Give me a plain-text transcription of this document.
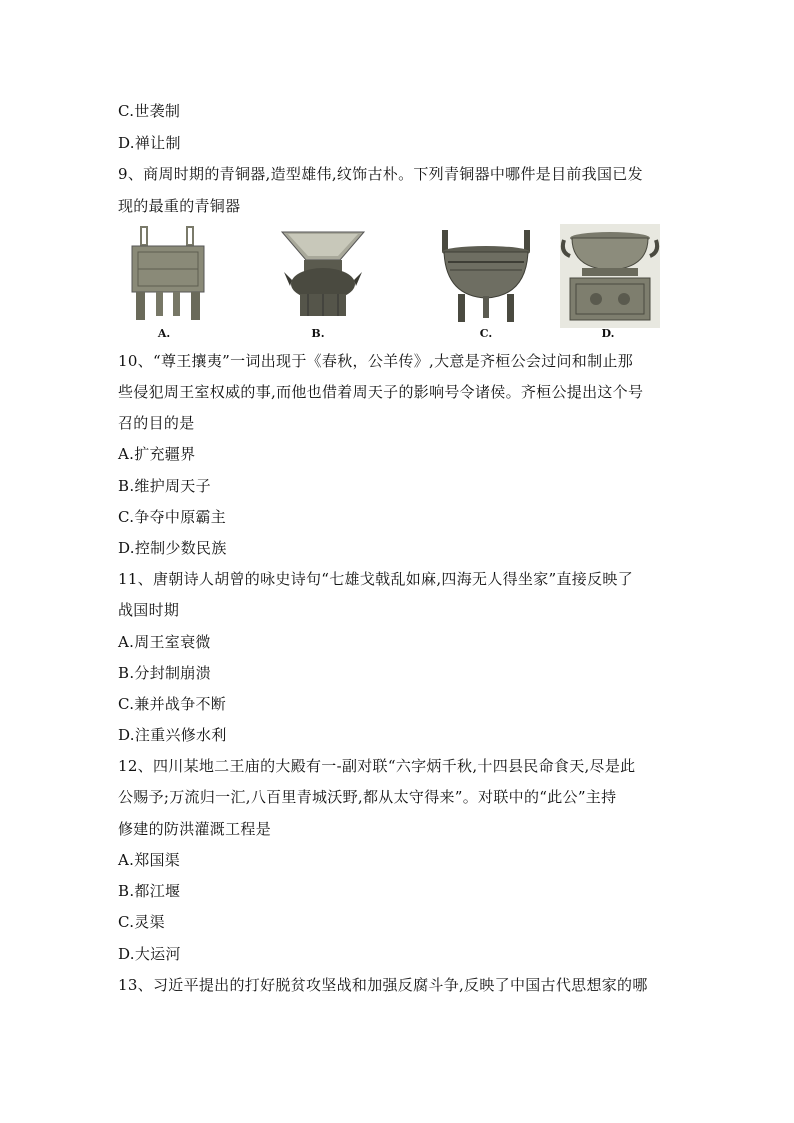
C.世袭制
D.禅让制
9、商周时期的青铜器,造型雄伟,纹饰古朴。下列青铜器中哪件是目前我国已发
现的最重的青铜器
A.	B.	C.	D.
10、“尊王攘夷”一词出现于《春秋，公羊传》,大意是齐桓公会过问和制止那
些侵犯周王室权威的事,而他也借着周天子的影响号令诸侯。齐桓公提出这个号
召的目的是
A.扩充疆界
B.维护周天子
C.争夺中原霸主
D.控制少数民族
11、唐朝诗人胡曾的咏史诗句“七雄戈戟乱如麻,四海无人得坐家”直接反映了
战国时期
A.周王室衰微
B.分封制崩溃
C.兼并战争不断
D.注重兴修水利
12、四川某地二王庙的大殿有一-副对联“六字炳千秋,十四县民命食天,尽是此
公赐予;万流归一汇,八百里青城沃野,都从太守得来”。对联中的“此公”主持
修建的防洪灌溉工程是
A.郑国渠
B.都江堰
C.灵渠
D.大运河
13、习近平提出的打好脱贫攻坚战和加强反腐斗争,反映了中国古代思想家的哪
